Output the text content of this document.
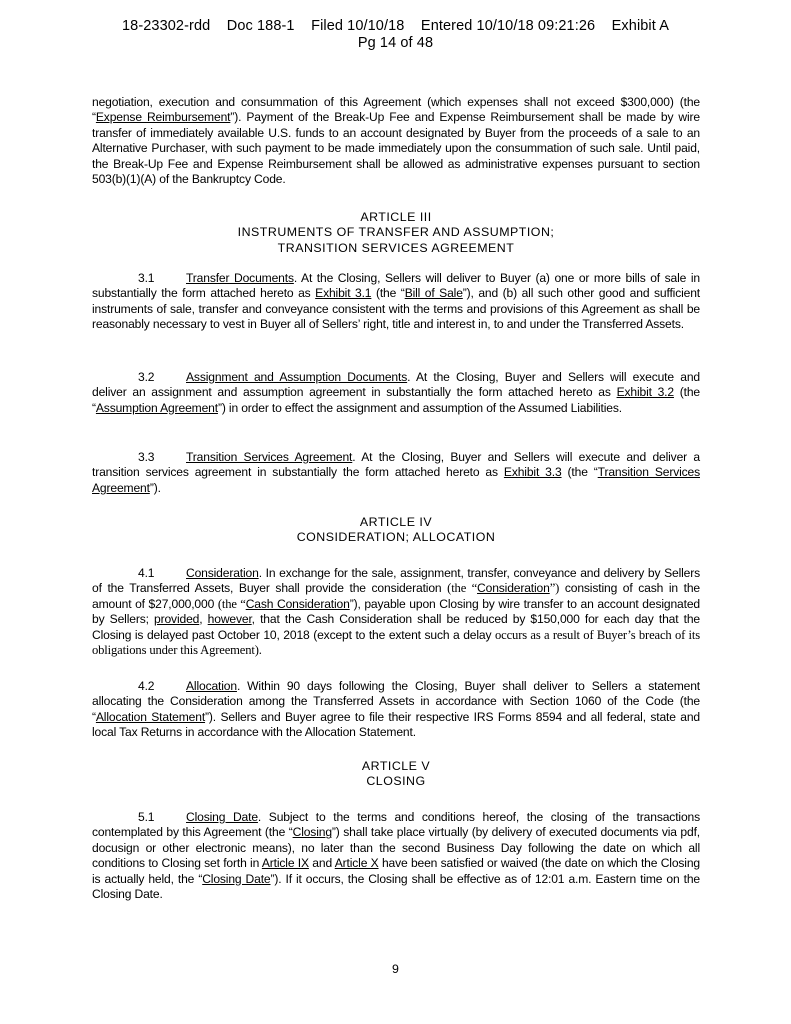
18-23302-rdd    Doc 188-1    Filed 10/10/18    Entered 10/10/18 09:21:26    Exhibit A
Pg 14 of 48

negotiation, execution and consummation of this Agreement (which expenses shall not exceed $300,000) (the “Expense Reimbursement”). Payment of the Break-Up Fee and Expense Reimbursement shall be made by wire transfer of immediately available U.S. funds to an account designated by Buyer from the proceeds of a sale to an Alternative Purchaser, with such payment to be made immediately upon the consummation of such sale. Until paid, the Break-Up Fee and Expense Reimbursement shall be allowed as administrative expenses pursuant to section 503(b)(1)(A) of the Bankruptcy Code.

ARTICLE III
INSTRUMENTS OF TRANSFER AND ASSUMPTION;
TRANSITION SERVICES AGREEMENT

3.1	Transfer Documents. At the Closing, Sellers will deliver to Buyer (a) one or more bills of sale in substantially the form attached hereto as Exhibit 3.1 (the “Bill of Sale”), and (b) all such other good and sufficient instruments of sale, transfer and conveyance consistent with the terms and provisions of this Agreement as shall be reasonably necessary to vest in Buyer all of Sellers’ right, title and interest in, to and under the Transferred Assets.

3.2	Assignment and Assumption Documents. At the Closing, Buyer and Sellers will execute and deliver an assignment and assumption agreement in substantially the form attached hereto as Exhibit 3.2 (the “Assumption Agreement”) in order to effect the assignment and assumption of the Assumed Liabilities.

3.3	Transition Services Agreement. At the Closing, Buyer and Sellers will execute and deliver a transition services agreement in substantially the form attached hereto as Exhibit 3.3 (the “Transition Services Agreement”).

ARTICLE IV
CONSIDERATION; ALLOCATION

4.1	Consideration. In exchange for the sale, assignment, transfer, conveyance and delivery by Sellers of the Transferred Assets, Buyer shall provide the consideration (the “Consideration”) consisting of cash in the amount of $27,000,000 (the “Cash Consideration”), payable upon Closing by wire transfer to an account designated by Sellers; provided, however, that the Cash Consideration shall be reduced by $150,000 for each day that the Closing is delayed past October 10, 2018 (except to the extent such a delay occurs as a result of Buyer’s breach of its obligations under this Agreement).

4.2	Allocation. Within 90 days following the Closing, Buyer shall deliver to Sellers a statement allocating the Consideration among the Transferred Assets in accordance with Section 1060 of the Code (the “Allocation Statement”). Sellers and Buyer agree to file their respective IRS Forms 8594 and all federal, state and local Tax Returns in accordance with the Allocation Statement.

ARTICLE V
CLOSING

5.1	Closing Date. Subject to the terms and conditions hereof, the closing of the transactions contemplated by this Agreement (the “Closing”) shall take place virtually (by delivery of executed documents via pdf, docusign or other electronic means), no later than the second Business Day following the date on which all conditions to Closing set forth in Article IX and Article X have been satisfied or waived (the date on which the Closing is actually held, the “Closing Date”). If it occurs, the Closing shall be effective as of 12:01 a.m. Eastern time on the Closing Date.

9
